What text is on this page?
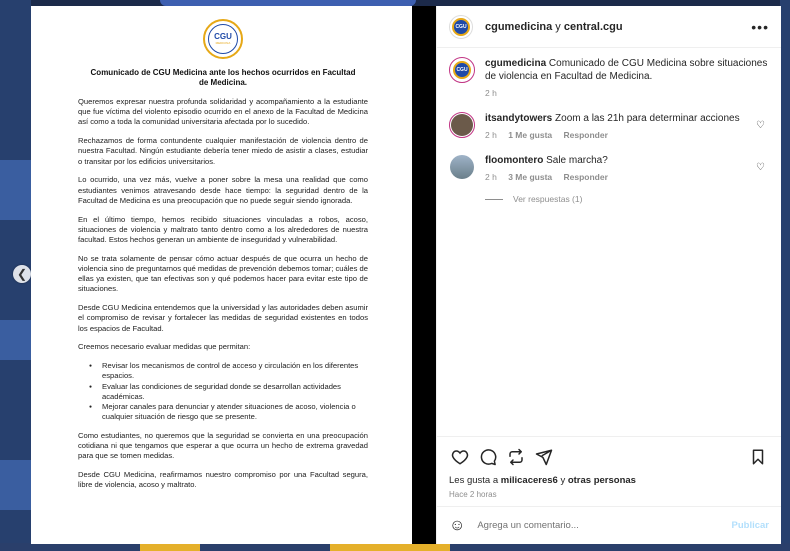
❮
CGU
MEDICINA
Comunicado de CGU Medicina ante los hechos ocurridos en Facultad de Medicina.

Queremos expresar nuestra profunda solidaridad y acompañamiento a la estudiante que fue víctima del violento episodio ocurrido en el anexo de la Facultad de Medicina así como a toda la comunidad universitaria afectada por lo sucedido.

Rechazamos de forma contundente cualquier manifestación de violencia dentro de nuestra Facultad. Ningún estudiante debería tener miedo de asistir a clases, estudiar o transitar por los edificios universitarios.

Lo ocurrido, una vez más, vuelve a poner sobre la mesa una realidad que como estudiantes venimos atravesando desde hace tiempo: la seguridad dentro de la Facultad de Medicina es una preocupación que no puede seguir siendo ignorada.

En el último tiempo, hemos recibido situaciones vinculadas a robos, acoso, situaciones de violencia y maltrato tanto dentro como a los alrededores de nuestra facultad. Estos hechos generan un ambiente de inseguridad y vulnerabilidad.

No se trata solamente de pensar cómo actuar después de que ocurra un hecho de violencia sino de preguntarnos qué medidas de prevención debemos tomar; cuáles de ellas ya existen, que tan efectivas son y qué podemos hacer para evitar este tipo de situaciones.

Desde CGU Medicina entendemos que la universidad y las autoridades deben asumir el compromiso de revisar y fortalecer las medidas de seguridad existentes en todos los espacios de Facultad.

Creemos necesario evaluar medidas que permitan:

● Revisar los mecanismos de control de acceso y circulación en los diferentes espacios.
● Evaluar las condiciones de seguridad donde se desarrollan actividades académicas.
● Mejorar canales para denunciar y atender situaciones de acoso, violencia o cualquier situación de riesgo que se presente.

Como estudiantes, no queremos que la seguridad se convierta en una preocupación cotidiana ni que tengamos que esperar a que ocurra un hecho de extrema gravedad para que se tomen medidas.

Desde CGU Medicina, reafirmamos nuestro compromiso por una Facultad segura, libre de violencia, acoso y maltrato.

CGU	cgumedicina y central.cgu	•••
CGU
cgumedicina Comunicado de CGU Medicina sobre situaciones de violencia en Facultad de Medicina.
2 h
itsandytowers Zoom a las 21h para determinar acciones
2 h 1 Me gusta Responder
♡
floomontero Sale marcha?
2 h 3 Me gusta Responder
♡
Ver respuestas (1)
Les gusta a milicaceres6 y otras personas
Hace 2 horas
☺
Agrega un comentario...	Publicar
